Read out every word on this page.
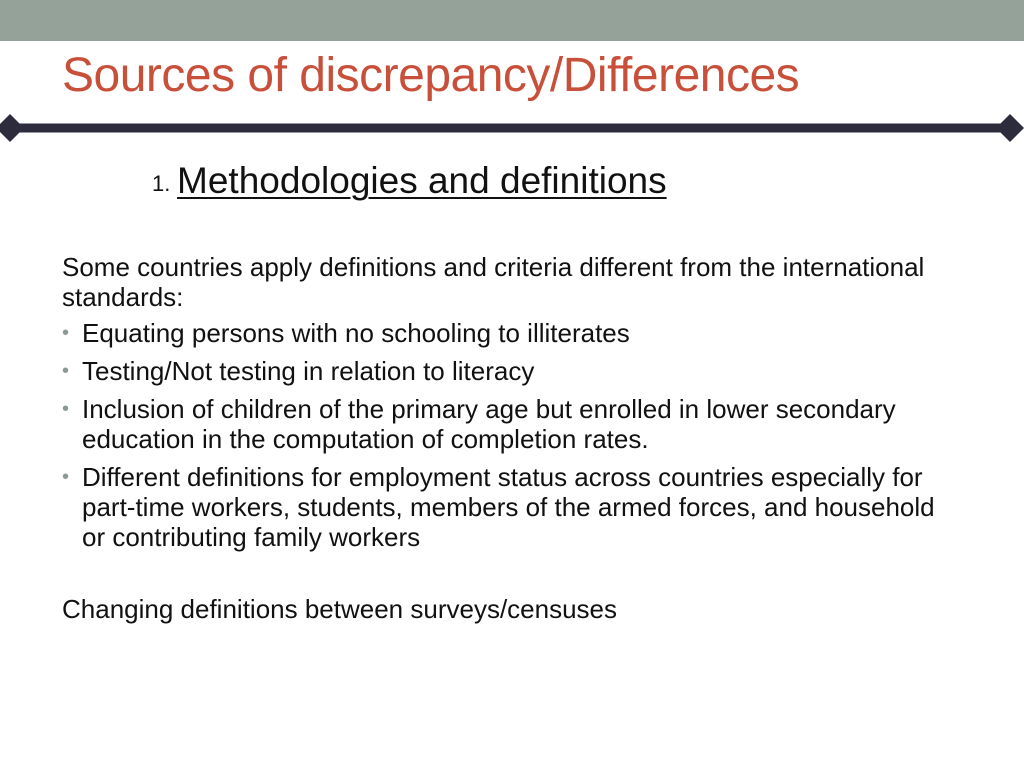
Sources of discrepancy/Differences
1. Methodologies and definitions

Some countries apply definitions and criteria different from the international standards:

• Equating persons with no schooling to illiterates
• Testing/Not testing in relation to literacy
• Inclusion of children of the primary age but enrolled in lower secondary education in the computation of completion rates.
• Different definitions for employment status across countries especially for part-time workers, students, members of the armed forces, and household or contributing family workers

Changing definitions between surveys/censuses
